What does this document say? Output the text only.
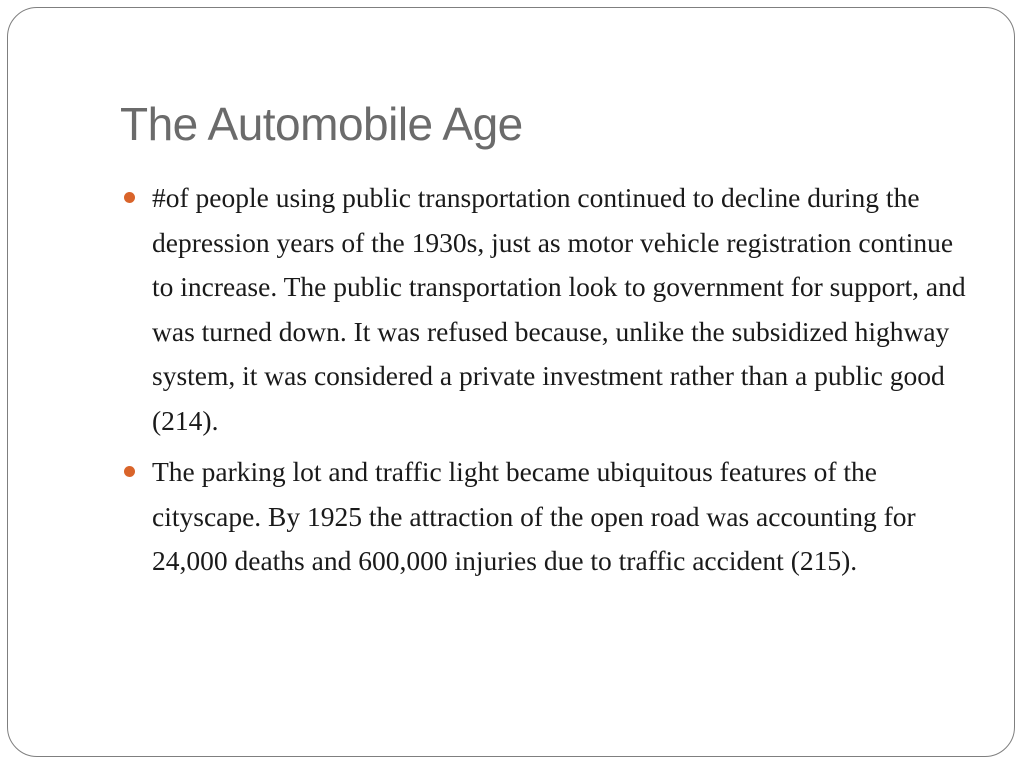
The Automobile Age
#of people using public transportation continued to decline during the depression years of the 1930s, just as motor vehicle registration continue to increase. The public transportation look to government for support, and was turned down. It was refused because, unlike the subsidized highway system, it was considered a private investment rather than a public good (214).
The parking lot and traffic light became ubiquitous features of the cityscape. By 1925 the attraction of the open road was accounting for 24,000 deaths and 600,000 injuries due to traffic accident (215).
